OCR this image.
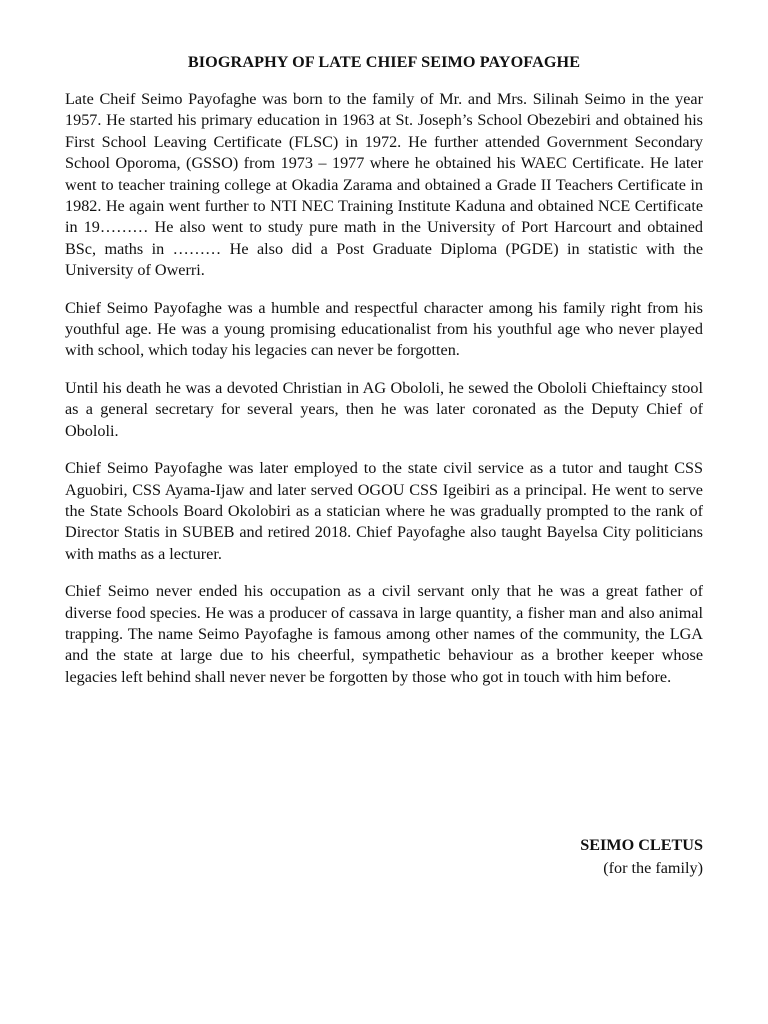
BIOGRAPHY OF LATE CHIEF SEIMO PAYOFAGHE

Late Cheif Seimo Payofaghe was born to the family of Mr. and Mrs. Silinah Seimo in the year 1957. He started his primary education in 1963 at St. Joseph’s School Obezebiri and obtained his First School Leaving Certificate (FLSC) in 1972. He further attended Government Secondary School Oporoma, (GSSO) from 1973 – 1977 where he obtained his WAEC Certificate. He later went to teacher training college at Okadia Zarama and obtained a Grade II Teachers Certificate in 1982. He again went further to NTI NEC Training Institute Kaduna and obtained NCE Certificate in 19……… He also went to study pure math in the University of Port Harcourt and obtained BSc, maths in ……… He also did a Post Graduate Diploma (PGDE) in statistic with the University of Owerri.

Chief Seimo Payofaghe was a humble and respectful character among his family right from his youthful age. He was a young promising educationalist from his youthful age who never played with school, which today his legacies can never be forgotten.

Until his death he was a devoted Christian in AG Obololi, he sewed the Obololi Chieftaincy stool as a general secretary for several years, then he was later coronated as the Deputy Chief of Obololi.

Chief Seimo Payofaghe was later employed to the state civil service as a tutor and taught CSS Aguobiri, CSS Ayama-Ijaw and later served OGOU CSS Igeibiri as a principal. He went to serve the State Schools Board Okolobiri as a statician where he was gradually prompted to the rank of Director Statis in SUBEB and retired 2018. Chief Payofaghe also taught Bayelsa City politicians with maths as a lecturer.

Chief Seimo never ended his occupation as a civil servant only that he was a great father of diverse food species. He was a producer of cassava in large quantity, a fisher man and also animal trapping. The name Seimo Payofaghe is famous among other names of the community, the LGA and the state at large due to his cheerful, sympathetic behaviour as a brother keeper whose legacies left behind shall never never be forgotten by those who got in touch with him before.

SEIMO CLETUS
(for the family)
